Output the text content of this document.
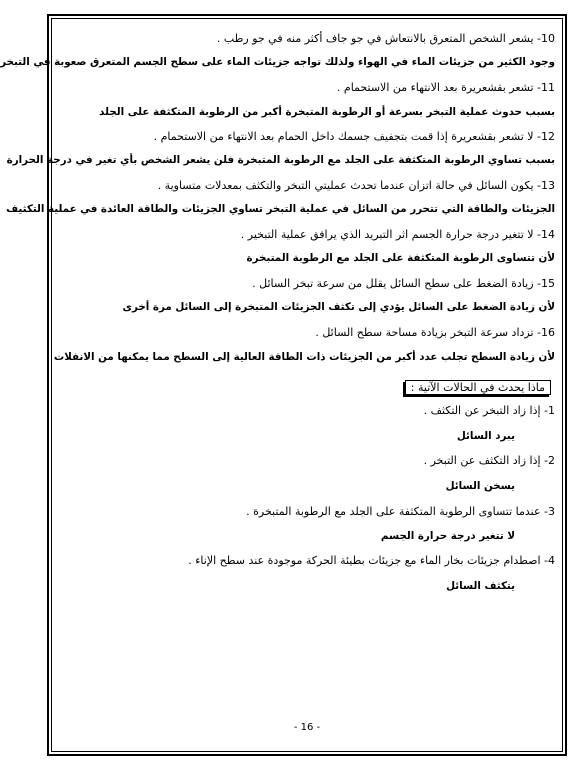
10- يشعر الشخص المتعرق بالانتعاش في جو جاف أكثر منه في جو رطب .
وجود الكثير من جزيئات الماء في الهواء ولذلك تواجه جزيئات الماء على سطح الجسم المتعرق صعوبة في التبخر
11- تشعر بقشعريرة بعد الانتهاء من الاستحمام .
بسبب حدوث عملية التبخر بسرعة أو الرطوبة المتبخرة أكبر من الرطوبة المتكثفة على الجلد
12- لا تشعر بقشعريرة إذا قمت بتجفيف جسمك داخل الحمام بعد الانتهاء من الاستحمام .
بسبب تساوي الرطوبة المتكثفة على الجلد مع الرطوبة المتبخرة فلن يشعر الشخص بأي تغير في درجة الحرارة
13- يكون السائل في حالة اتزان عندما تحدث عمليتي التبخر والتكثف بمعدلات متساوية .
الجزيئات والطاقة التي تتحرر من السائل في عملية التبخر تساوي الجزيئات والطاقة العائدة في عملية التكثيف
14- لا تتغير درجة حرارة الجسم اثر التبريد الذي يرافق عملية التبخير .
لأن تتساوى الرطوبة المتكثفة على الجلد مع الرطوبة المتبخرة
15- زيادة الضغط على سطح السائل يقلل من سرعة تبخر السائل .
لأن زيادة الضغط على السائل يؤدي إلى تكثف الجزيئات المتبخرة إلى السائل مرة أخرى
16- تزداد سرعة التبخر بزيادة مساحة سطح السائل .
لأن زيادة السطح تجلب عدد أكبر من الجزيئات ذات الطاقة العالية إلى السطح مما يمكنها من الانفلات
ماذا يحدث في الحالات الآتية :
1- إذا زاد التبخر عن التكثف .
يبرد السائل
2- إذا زاد التكثف عن التبخر .
يسخن السائل
3- عندما تتساوى الرطوبة المتكثفة على الجلد مع الرطوبة المتبخرة .
لا تتغير درجة حرارة الجسم
4- اصطدام جزيئات بخار الماء مع جزيئات بطيئة الحركة موجودة عند سطح الإناء .
يتكثف السائل
- 16 -
